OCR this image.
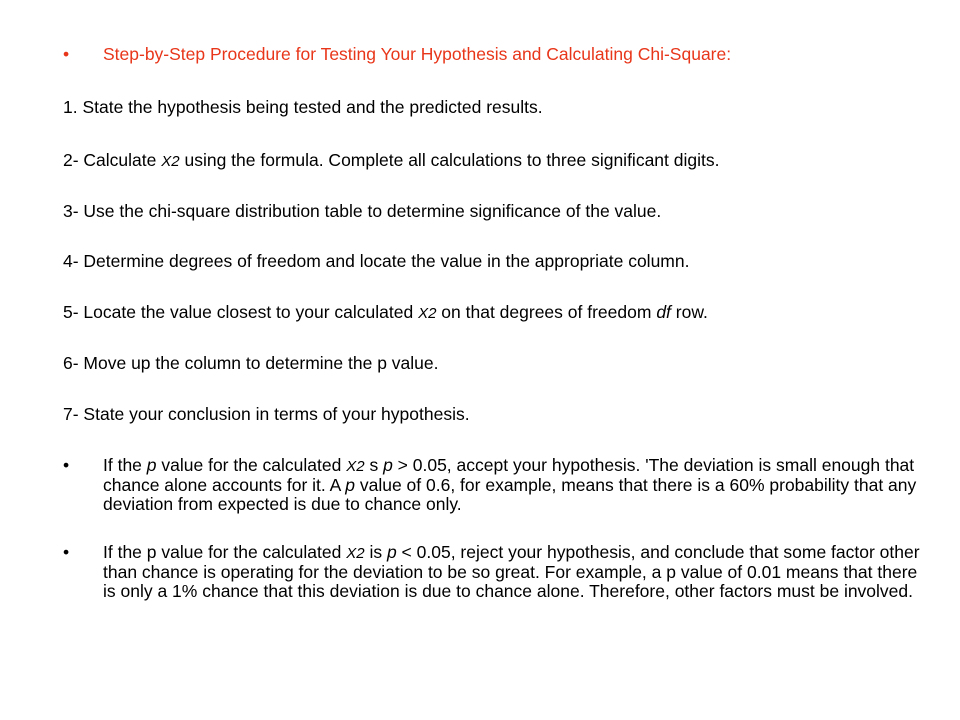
• Step-by-Step Procedure for Testing Your Hypothesis and Calculating Chi-Square:
1. State the hypothesis being tested and the predicted results.
2- Calculate X2 using the formula. Complete all calculations to three significant digits.
3- Use the chi-square distribution table to determine significance of the value.
4- Determine degrees of freedom and locate the value in the appropriate column.
5- Locate the value closest to your calculated X2 on that degrees of freedom df row.
6- Move up the column to determine the p value.
7- State your conclusion in terms of your hypothesis.
• If the p value for the calculated X2 s p > 0.05, accept your hypothesis. 'The deviation is small enough that chance alone accounts for it. A p value of 0.6, for example, means that there is a 60% probability that any deviation from expected is due to chance only.
• If the p value for the calculated X2 is p < 0.05, reject your hypothesis, and conclude that some factor other than chance is operating for the deviation to be so great. For example, a p value of 0.01 means that there is only a 1% chance that this deviation is due to chance alone. Therefore, other factors must be involved.
